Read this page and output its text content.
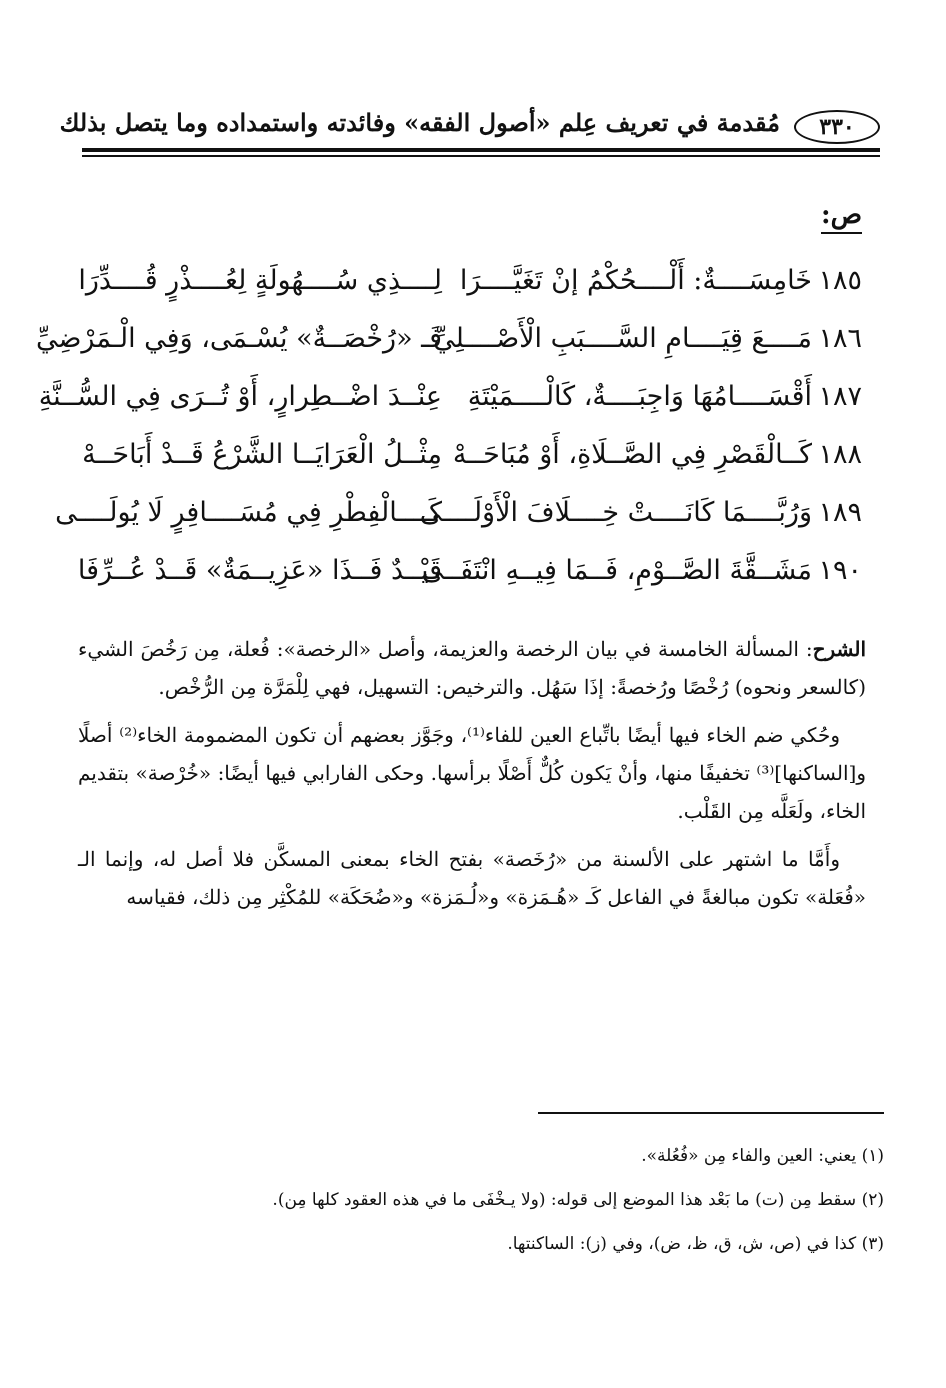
٣٣٠
مُقدمة في تعريف عِلم «أصول الفقه» وفائدته واستمداده وما يتصل بذلك
ص:
١٨٥
خَامِسَــــةٌ: أَلْــــحُكْمُ إنْ تَغَيَّــــرَا
لِــــذِي سُــــهُولَةٍ لِعُــــذْرٍ قُــــدِّرَا
١٨٦
مَــــعَ قِيَــــامِ السَّــــبَبِ الْأَصْــــلِيِّ
فَـ «رُخْصَــةٌ» يُسْـمَى، وَفِي الْـمَرْضِيِّ
١٨٧
أَقْسَــــامُهَا وَاجِبَــــةٌ، كَالْــــمَيْتَةِ
عِنْــدَ اضْــطِرارٍ، أَوْ تُــرَى فِي السُّــنَّةِ
١٨٨
كَــالْقَصْرِ فِي الصَّــلَاةِ، أَوْ مُبَاحَــهْ
مِثْــلُ الْعَرَايَــا الشَّرْعُ قَــدْ أَبَاحَــهْ
١٨٩
وَرُبَّــــمَا كَانَــــتْ خِــــلَافَ الْأَوْلَــــى
كَــــالْفِطْرِ فِي مُسَــــافِرٍ لَا يُولَــــى
١٩٠
مَشَــقَّةَ الصَّــوْمِ، فَــمَا فِيــهِ انْتَفَــى
قَيْــدٌ فَــذَا «عَزِيــمَةٌ» قَــدْ عُــرِّفَا

الشرح: المسألة الخامسة في بيان الرخصة والعزيمة، وأصل «الرخصة»: فُعلة، مِن رَخُصَ الشيء (كالسعر ونحوه) رُخْصًا ورُخصةً: إذَا سَهُل. والترخيص: التسهيل، فهي لِلْمَرَّة مِن الرُّخْص.

وحُكي ضم الخاء فيها أيضًا باتِّباع العين للفاء⁽¹⁾، وجَوَّز بعضهم أن تكون المضمومة الخاء⁽²⁾ أصلًا و[الساكنها]⁽³⁾ تخفيفًا منها، وأنْ يَكون كُلٌّ أَصْلًا برأسها. وحكى الفارابي فيها أيضًا: «خُرْصة» بتقديم الخاء، ولَعَلَّه مِن القَلْب.

وأَمَّا ما اشتهر على الألسنة من «رُخَصة» بفتح الخاء بمعنى المسكَّن فلا أصل له، وإنما الـ «فُعَلة» تكون مبالغةً في الفاعل كَـ «هُـمَزة» و«لُـمَزة» و«ضُحَكَة» للمُكْثِر مِن ذلك، فقياسه

(١) يعني: العين والفاء مِن «فُعُلة».
(٢) سقط مِن (ت) ما بَعْد هذا الموضع إلى قوله: (ولا يـخْفَى ما في هذه العقود كلها مِن).
(٣) كذا في (ص، ش، ق، ظ، ض)، وفي (ز): الساكنتها.
